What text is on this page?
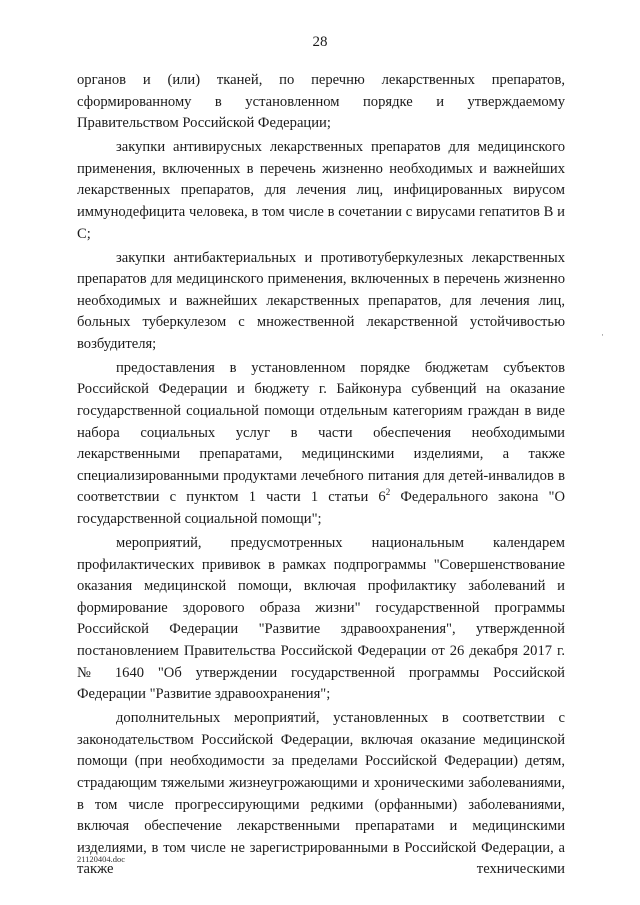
28

органов и (или) тканей, по перечню лекарственных препаратов, сформированному в установленном порядке и утверждаемому Правительством Российской Федерации;

закупки антивирусных лекарственных препаратов для медицинского применения, включенных в перечень жизненно необходимых и важнейших лекарственных препаратов, для лечения лиц, инфицированных вирусом иммунодефицита человека, в том числе в сочетании с вирусами гепатитов B и C;

закупки антибактериальных и противотуберкулезных лекарственных препаратов для медицинского применения, включенных в перечень жизненно необходимых и важнейших лекарственных препаратов, для лечения лиц, больных туберкулезом с множественной лекарственной устойчивостью возбудителя;

предоставления в установленном порядке бюджетам субъектов Российской Федерации и бюджету г. Байконура субвенций на оказание государственной социальной помощи отдельным категориям граждан в виде набора социальных услуг в части обеспечения необходимыми лекарственными препаратами, медицинскими изделиями, а также специализированными продуктами лечебного питания для детей-инвалидов в соответствии с пунктом 1 части 1 статьи $6^2$ Федерального закона "О государственной социальной помощи";

мероприятий, предусмотренных национальным календарем профилактических прививок в рамках подпрограммы "Совершенствование оказания медицинской помощи, включая профилактику заболеваний и формирование здорового образа жизни" государственной программы Российской Федерации "Развитие здравоохранения", утвержденной постановлением Правительства Российской Федерации от 26 декабря 2017 г. № 1640 "Об утверждении государственной программы Российской Федерации "Развитие здравоохранения";

дополнительных мероприятий, установленных в соответствии с законодательством Российской Федерации, включая оказание медицинской помощи (при необходимости за пределами Российской Федерации) детям, страдающим тяжелыми жизнеугрожающими и хроническими заболеваниями, в том числе прогрессирующими редкими (орфанными) заболеваниями, включая обеспечение лекарственными препаратами и медицинскими изделиями, в том числе не зарегистрированными в Российской Федерации, а также техническими

·
21120404.doc
